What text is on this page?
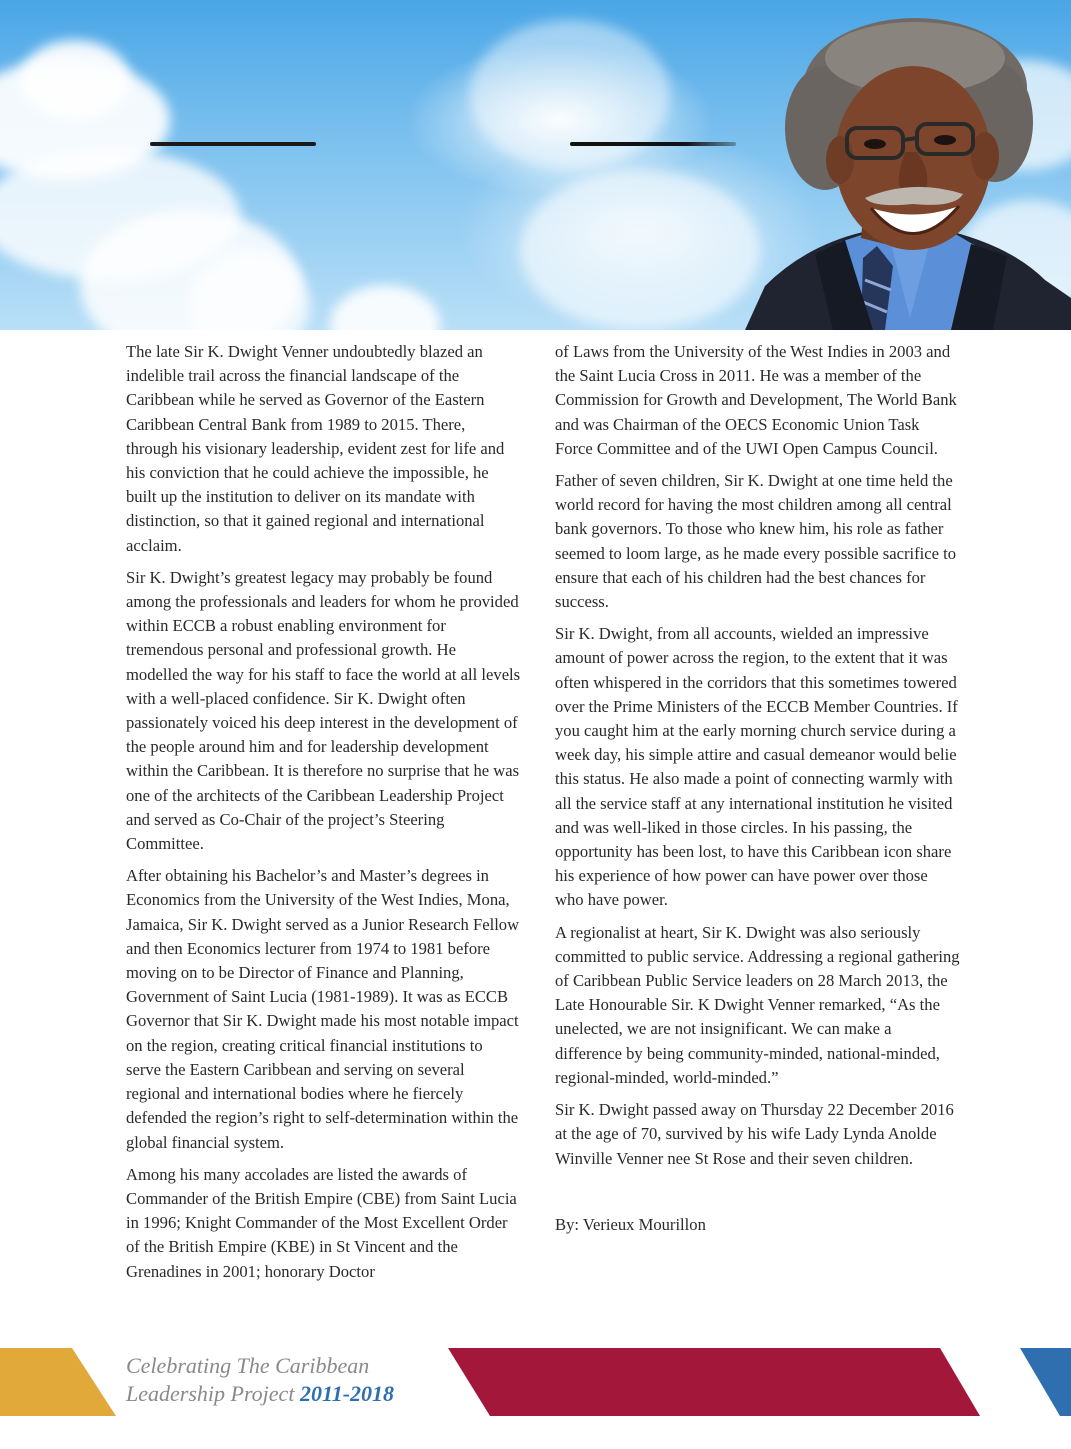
The late Sir K. Dwight Venner undoubtedly blazed an indelible trail across the financial landscape of the Caribbean while he served as Governor of the Eastern Caribbean Central Bank from 1989 to 2015. There, through his visionary leadership, evident zest for life and his conviction that he could achieve the impossible, he built up the institution to deliver on its mandate with distinction, so that it gained regional and international acclaim.

Sir K. Dwight’s greatest legacy may probably be found among the professionals and leaders for whom he provided within ECCB a robust enabling environment for tremendous personal and professional growth. He modelled the way for his staff to face the world at all levels with a well-placed confidence. Sir K. Dwight often passionately voiced his deep interest in the development of the people around him and for leadership development within the Caribbean. It is therefore no surprise that he was one of the architects of the Caribbean Leadership Project and served as Co-Chair of the project’s Steering Committee.

After obtaining his Bachelor’s and Master’s degrees in Economics from the University of the West Indies, Mona, Jamaica, Sir K. Dwight served as a Junior Research Fellow and then Economics lecturer from 1974 to 1981 before moving on to be Director of Finance and Planning, Government of Saint Lucia (1981-1989). It was as ECCB Governor that Sir K. Dwight made his most notable impact on the region, creating critical financial institutions to serve the Eastern Caribbean and serving on several regional and international bodies where he fiercely defended the region’s right to self-determination within the global financial system.

Among his many accolades are listed the awards of Commander of the British Empire (CBE) from Saint Lucia in 1996; Knight Commander of the Most Excellent Order of the British Empire (KBE) in St Vincent and the Grenadines in 2001; honorary Doctor

of Laws from the University of the West Indies in 2003 and the Saint Lucia Cross in 2011. He was a member of the Commission for Growth and Development, The World Bank and was Chairman of the OECS Economic Union Task Force Committee and of the UWI Open Campus Council.

Father of seven children, Sir K. Dwight at one time held the world record for having the most children among all central bank governors. To those who knew him, his role as father seemed to loom large, as he made every possible sacrifice to ensure that each of his children had the best chances for success.

Sir K. Dwight, from all accounts, wielded an impressive amount of power across the region, to the extent that it was often whispered in the corridors that this sometimes towered over the Prime Ministers of the ECCB Member Countries. If you caught him at the early morning church service during a week day, his simple attire and casual demeanor would belie this status. He also made a point of connecting warmly with all the service staff at any international institution he visited and was well-liked in those circles. In his passing, the opportunity has been lost, to have this Caribbean icon share his experience of how power can have power over those who have power.

A regionalist at heart, Sir K. Dwight was also seriously committed to public service. Addressing a regional gathering of Caribbean Public Service leaders on 28 March 2013, the Late Honourable Sir. K Dwight Venner remarked, “As the unelected, we are not insignificant. We can make a difference by being community-minded, national-minded, regional-minded, world-minded.”

Sir K. Dwight passed away on Thursday 22 December 2016 at the age of 70, survived by his wife Lady Lynda Anolde Winville Venner nee St Rose and their seven children.

By: Verieux Mourillon

Celebrating The Caribbean
Leadership Project 2011-2018
